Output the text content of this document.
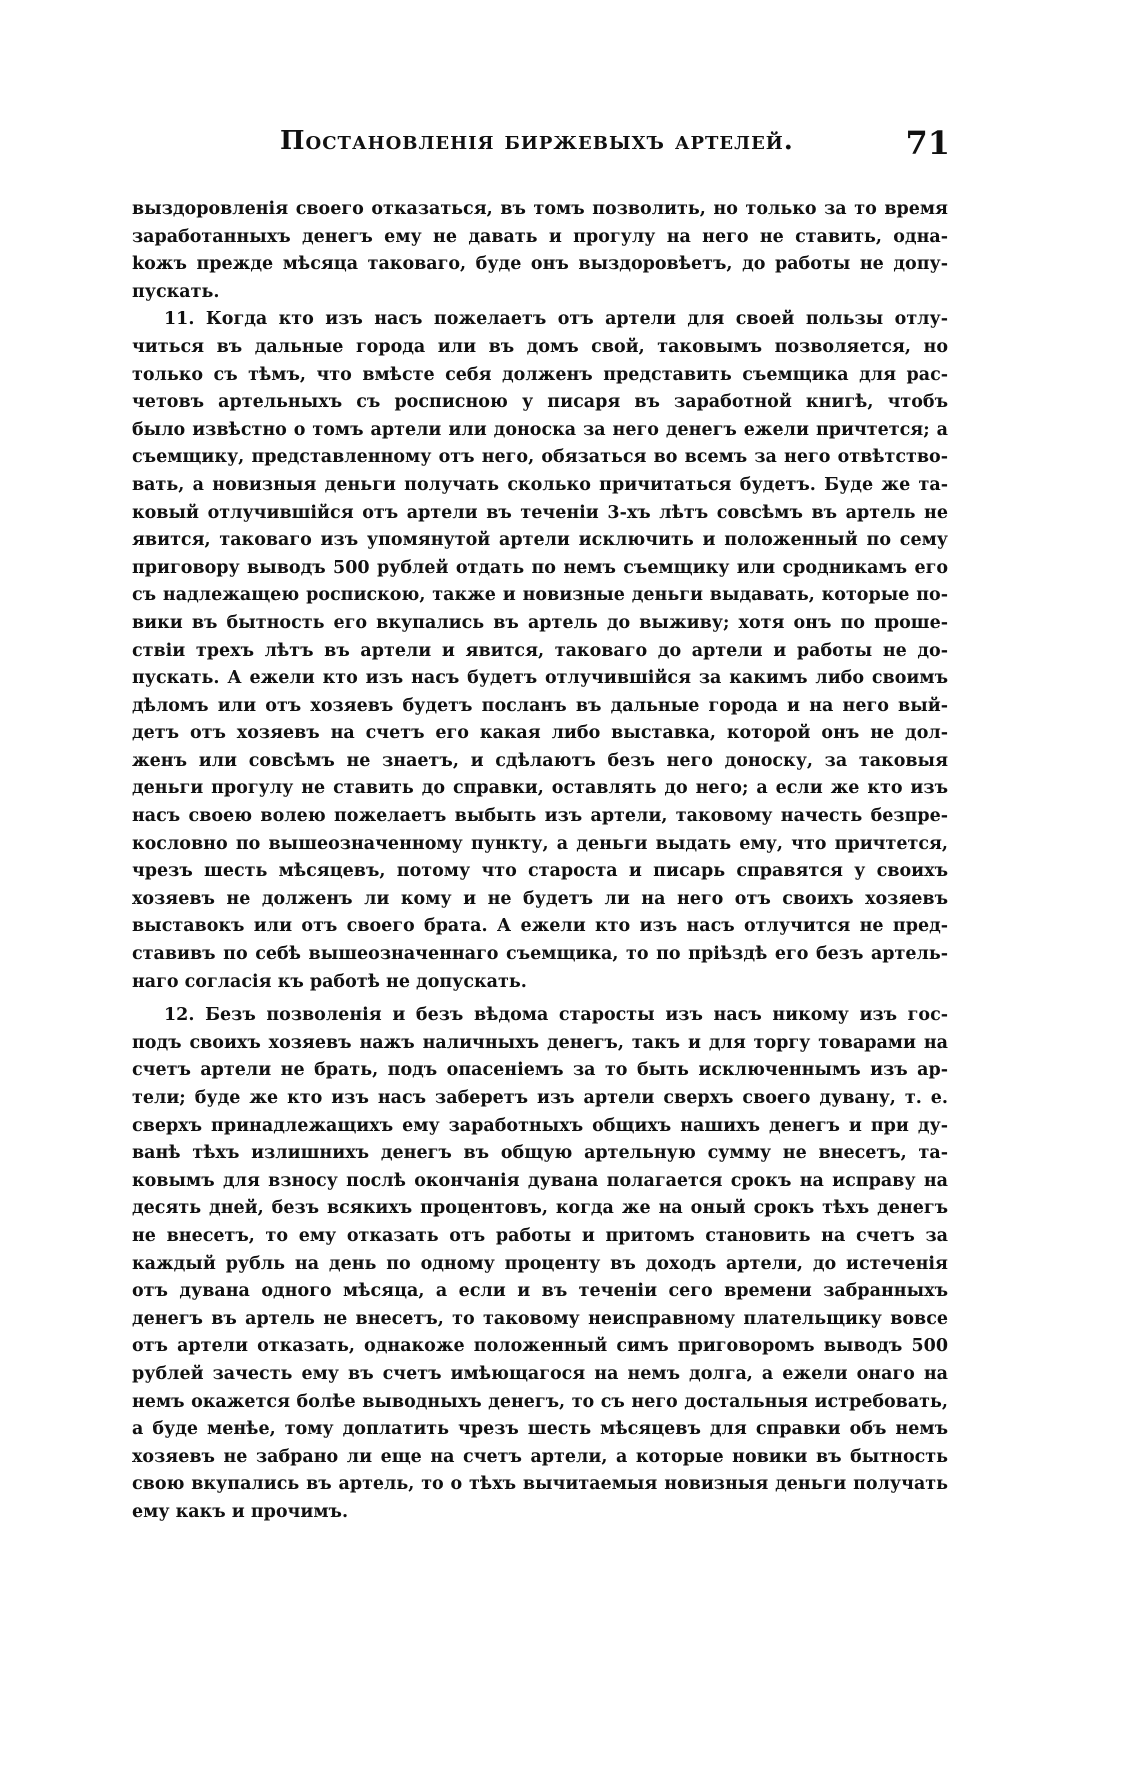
Постановленія биржевыхъ артелей.	71
выздоровленія своего отказаться, въ томъ позволить, но только за то время
заработанныхъ денегъ ему не давать и прогулу на него не ставить, одна-
kожъ прежде мѣсяца таковаго, буде онъ выздоровѣетъ, до работы не допу-
пускать.
11. Когда кто изъ насъ пожелаетъ отъ артели для своей пользы отлу-
читься въ дальные города или въ домъ свой, таковымъ позволяется, но
только съ тѣмъ, что вмѣсте себя долженъ представить съемщика для рас-
четовъ артельныхъ съ росписною у писаря въ заработной книгѣ, чтобъ
было извѣстно о томъ артели или доноска за него денегъ ежели причтется; а
съемщику, представленному отъ него, обязаться во всемъ за него отвѣтство-
вать, а новизныя деньги получать сколько причитаться будетъ. Буде же та-
ковый отлучившійся отъ артели въ теченіи 3-хъ лѣтъ совсѣмъ въ артель не
явится, таковаго изъ упомянутой артели исключить и положенный по сему
приговору выводъ 500 рублей отдать по немъ съемщику или сродникамъ его
съ надлежащею роспискою, также и новизные деньги выдавать, которые по-
вики въ бытность его вкупались въ артель до выживу; хотя онъ по проше-
ствіи трехъ лѣтъ въ артели и явится, таковаго до артели и работы не до-
пускать. А ежели кто изъ насъ будетъ отлучившійся за какимъ либо своимъ
дѣломъ или отъ хозяевъ будетъ посланъ въ дальные города и на него вый-
детъ отъ хозяевъ на счетъ его какая либо выставка, которой онъ не дол-
женъ или совсѣмъ не знаетъ, и сдѣлаютъ безъ него доноску, за таковыя
деньги прогулу не ставить до справки, оставлять до него; а если же кто изъ
насъ своею волею пожелаетъ выбыть изъ артели, таковому начесть безпре-
кословно по вышеозначенному пункту, а деньги выдать ему, что причтется,
чрезъ шесть мѣсяцевъ, потому что староста и писарь справятся у своихъ
хозяевъ не долженъ ли кому и не будетъ ли на него отъ своихъ хозяевъ
выставокъ или отъ своего брата. А ежели кто изъ насъ отлучится не пред-
ставивъ по себѣ вышеозначеннаго съемщика, то по пріѣздѣ его безъ артель-
наго согласія къ работѣ не допускать.
12. Безъ позволенія и безъ вѣдома старосты изъ насъ никому изъ гос-
подъ своихъ хозяевъ нажъ наличныхъ денегъ, такъ и для торгу товарами на
счетъ артели не брать, подъ опасеніемъ за то быть исключеннымъ изъ ар-
тели; буде же кто изъ насъ заберетъ изъ артели сверхъ своего дувану, т. е.
сверхъ принадлежащихъ ему заработныхъ общихъ нашихъ денегъ и при ду-
ванѣ тѣхъ излишнихъ денегъ въ общую артельную сумму не внесетъ, та-
ковымъ для взносу послѣ окончанія дувана полагается срокъ на исправу на
десять дней, безъ всякихъ процентовъ, когда же на оный срокъ тѣхъ денегъ
не внесетъ, то ему отказать отъ работы и притомъ становить на счетъ за
каждый рубль на день по одному проценту въ доходъ артели, до истеченія
отъ дувана одного мѣсяца, а если и въ теченіи сего времени забранныхъ
денегъ въ артель не внесетъ, то таковому неисправному плательщику вовсе
отъ артели отказать, однакоже положенный симъ приговоромъ выводъ 500
рублей зачесть ему въ счетъ имѣющагося на немъ долга, а ежели онаго на
немъ окажется болѣе выводныхъ денегъ, то съ него достальныя истребовать,
а буде менѣе, тому доплатить чрезъ шесть мѣсяцевъ для справки объ немъ
хозяевъ не забрано ли еще на счетъ артели, а которые новики въ бытность
свою вкупались въ артель, то о тѣхъ вычитаемыя новизныя деньги получать
ему какъ и прочимъ.
